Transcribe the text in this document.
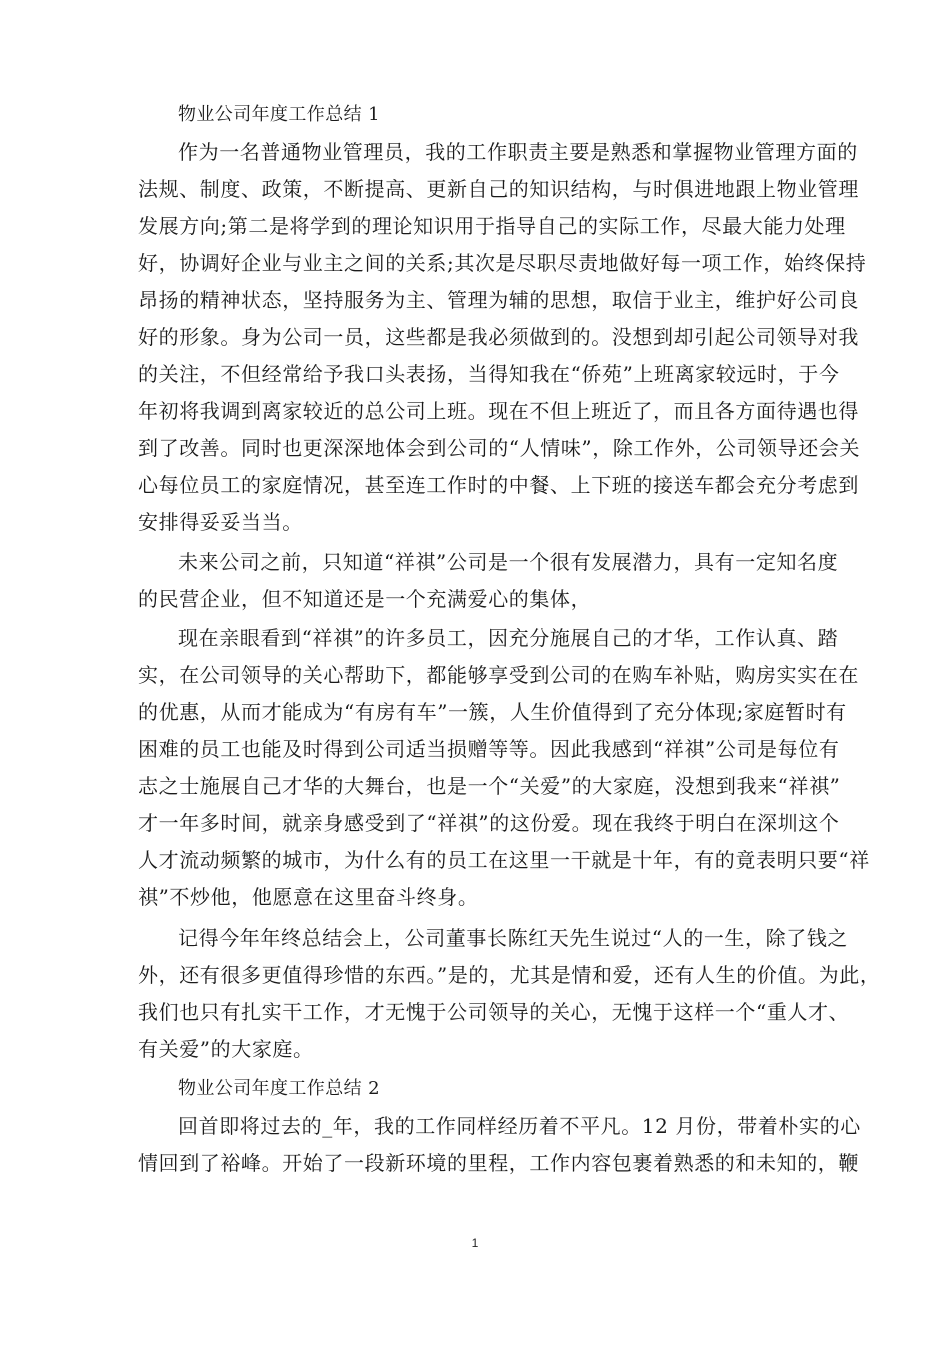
物业公司年度工作总结 1
作为一名普通物业管理员，我的工作职责主要是熟悉和掌握物业管理方面的
法规、制度、政策，不断提高、更新自己的知识结构，与时俱进地跟上物业管理
发展方向;第二是将学到的理论知识用于指导自己的实际工作，尽最大能力处理
好，协调好企业与业主之间的关系;其次是尽职尽责地做好每一项工作，始终保持
昂扬的精神状态，坚持服务为主、管理为辅的思想，取信于业主，维护好公司良
好的形象。身为公司一员，这些都是我必须做到的。没想到却引起公司领导对我
的关注，不但经常给予我口头表扬，当得知我在“侨苑”上班离家较远时，于今
年初将我调到离家较近的总公司上班。现在不但上班近了，而且各方面待遇也得
到了改善。同时也更深深地体会到公司的“人情味”，除工作外，公司领导还会关
心每位员工的家庭情况，甚至连工作时的中餐、上下班的接送车都会充分考虑到
安排得妥妥当当。
未来公司之前，只知道“祥祺”公司是一个很有发展潜力，具有一定知名度
的民营企业，但不知道还是一个充满爱心的集体，
现在亲眼看到“祥祺”的许多员工，因充分施展自己的才华，工作认真、踏
实，在公司领导的关心帮助下，都能够享受到公司的在购车补贴，购房实实在在
的优惠，从而才能成为“有房有车”一簇，人生价值得到了充分体现;家庭暂时有
困难的员工也能及时得到公司适当损赠等等。因此我感到“祥祺”公司是每位有
志之士施展自己才华的大舞台，也是一个“关爱”的大家庭，没想到我来“祥祺”
才一年多时间，就亲身感受到了“祥祺”的这份爱。现在我终于明白在深圳这个
人才流动频繁的城市，为什么有的员工在这里一干就是十年，有的竟表明只要“祥
祺”不炒他，他愿意在这里奋斗终身。
记得今年年终总结会上，公司董事长陈红天先生说过“人的一生，除了钱之
外，还有很多更值得珍惜的东西。”是的，尤其是情和爱，还有人生的价值。为此，
我们也只有扎实干工作，才无愧于公司领导的关心，无愧于这样一个“重人才、
有关爱”的大家庭。
物业公司年度工作总结 2
回首即将过去的_年，我的工作同样经历着不平凡。12 月份，带着朴实的心
情回到了裕峰。开始了一段新环境的里程，工作内容包裹着熟悉的和未知的，鞭
1
